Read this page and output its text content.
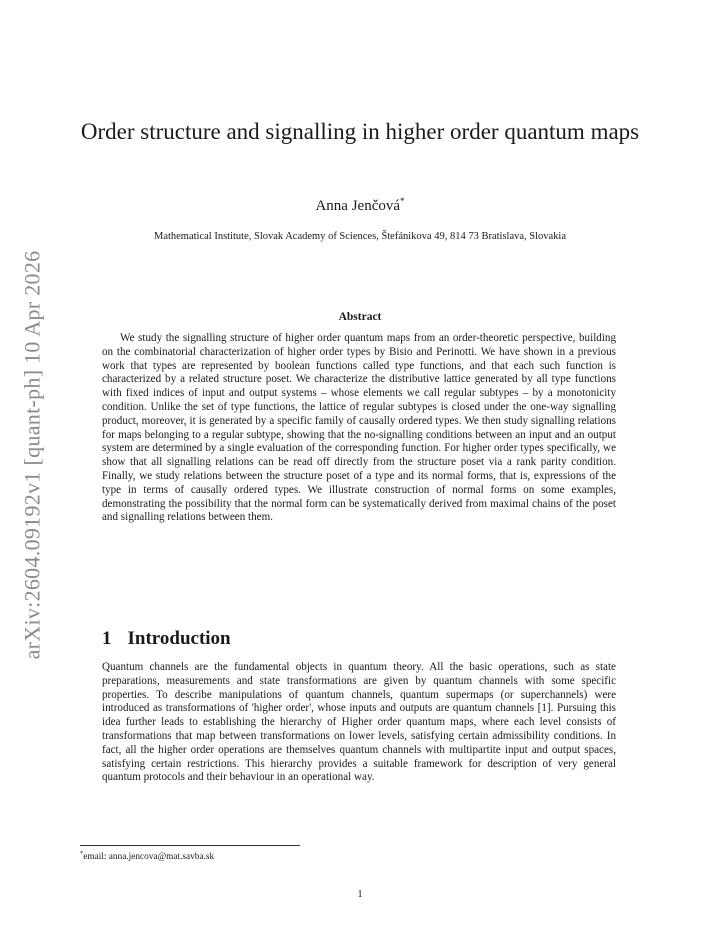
arXiv:2604.09192v1 [quant-ph] 10 Apr 2026
Order structure and signalling in higher order quantum maps
Anna Jenčová*
Mathematical Institute, Slovak Academy of Sciences, Štefánikova 49, 814 73 Bratislava, Slovakia
Abstract
We study the signalling structure of higher order quantum maps from an order-theoretic perspective, building on the combinatorial characterization of higher order types by Bisio and Perinotti. We have shown in a previous work that types are represented by boolean functions called type functions, and that each such function is characterized by a related structure poset. We characterize the distributive lattice generated by all type functions with fixed indices of input and output systems – whose elements we call regular subtypes – by a monotonicity condition. Unlike the set of type functions, the lattice of regular subtypes is closed under the one-way signalling product, moreover, it is generated by a specific family of causally ordered types. We then study signalling relations for maps belonging to a regular subtype, showing that the no-signalling conditions between an input and an output system are determined by a single evaluation of the corresponding function. For higher order types specifically, we show that all signalling relations can be read off directly from the structure poset via a rank parity condition. Finally, we study relations between the structure poset of a type and its normal forms, that is, expressions of the type in terms of causally ordered types. We illustrate construction of normal forms on some examples, demonstrating the possibility that the normal form can be systematically derived from maximal chains of the poset and signalling relations between them.
1 Introduction
Quantum channels are the fundamental objects in quantum theory. All the basic operations, such as state preparations, measurements and state transformations are given by quantum channels with some specific properties. To describe manipulations of quantum channels, quantum supermaps (or superchannels) were introduced as transformations of 'higher order', whose inputs and outputs are quantum channels [1]. Pursuing this idea further leads to establishing the hierarchy of Higher order quantum maps, where each level consists of transformations that map between transformations on lower levels, satisfying certain admissibility conditions. In fact, all the higher order operations are themselves quantum channels with multipartite input and output spaces, satisfying certain restrictions. This hierarchy provides a suitable framework for description of very general quantum protocols and their behaviour in an operational way.
*email: anna.jencova@mat.savba.sk
1
